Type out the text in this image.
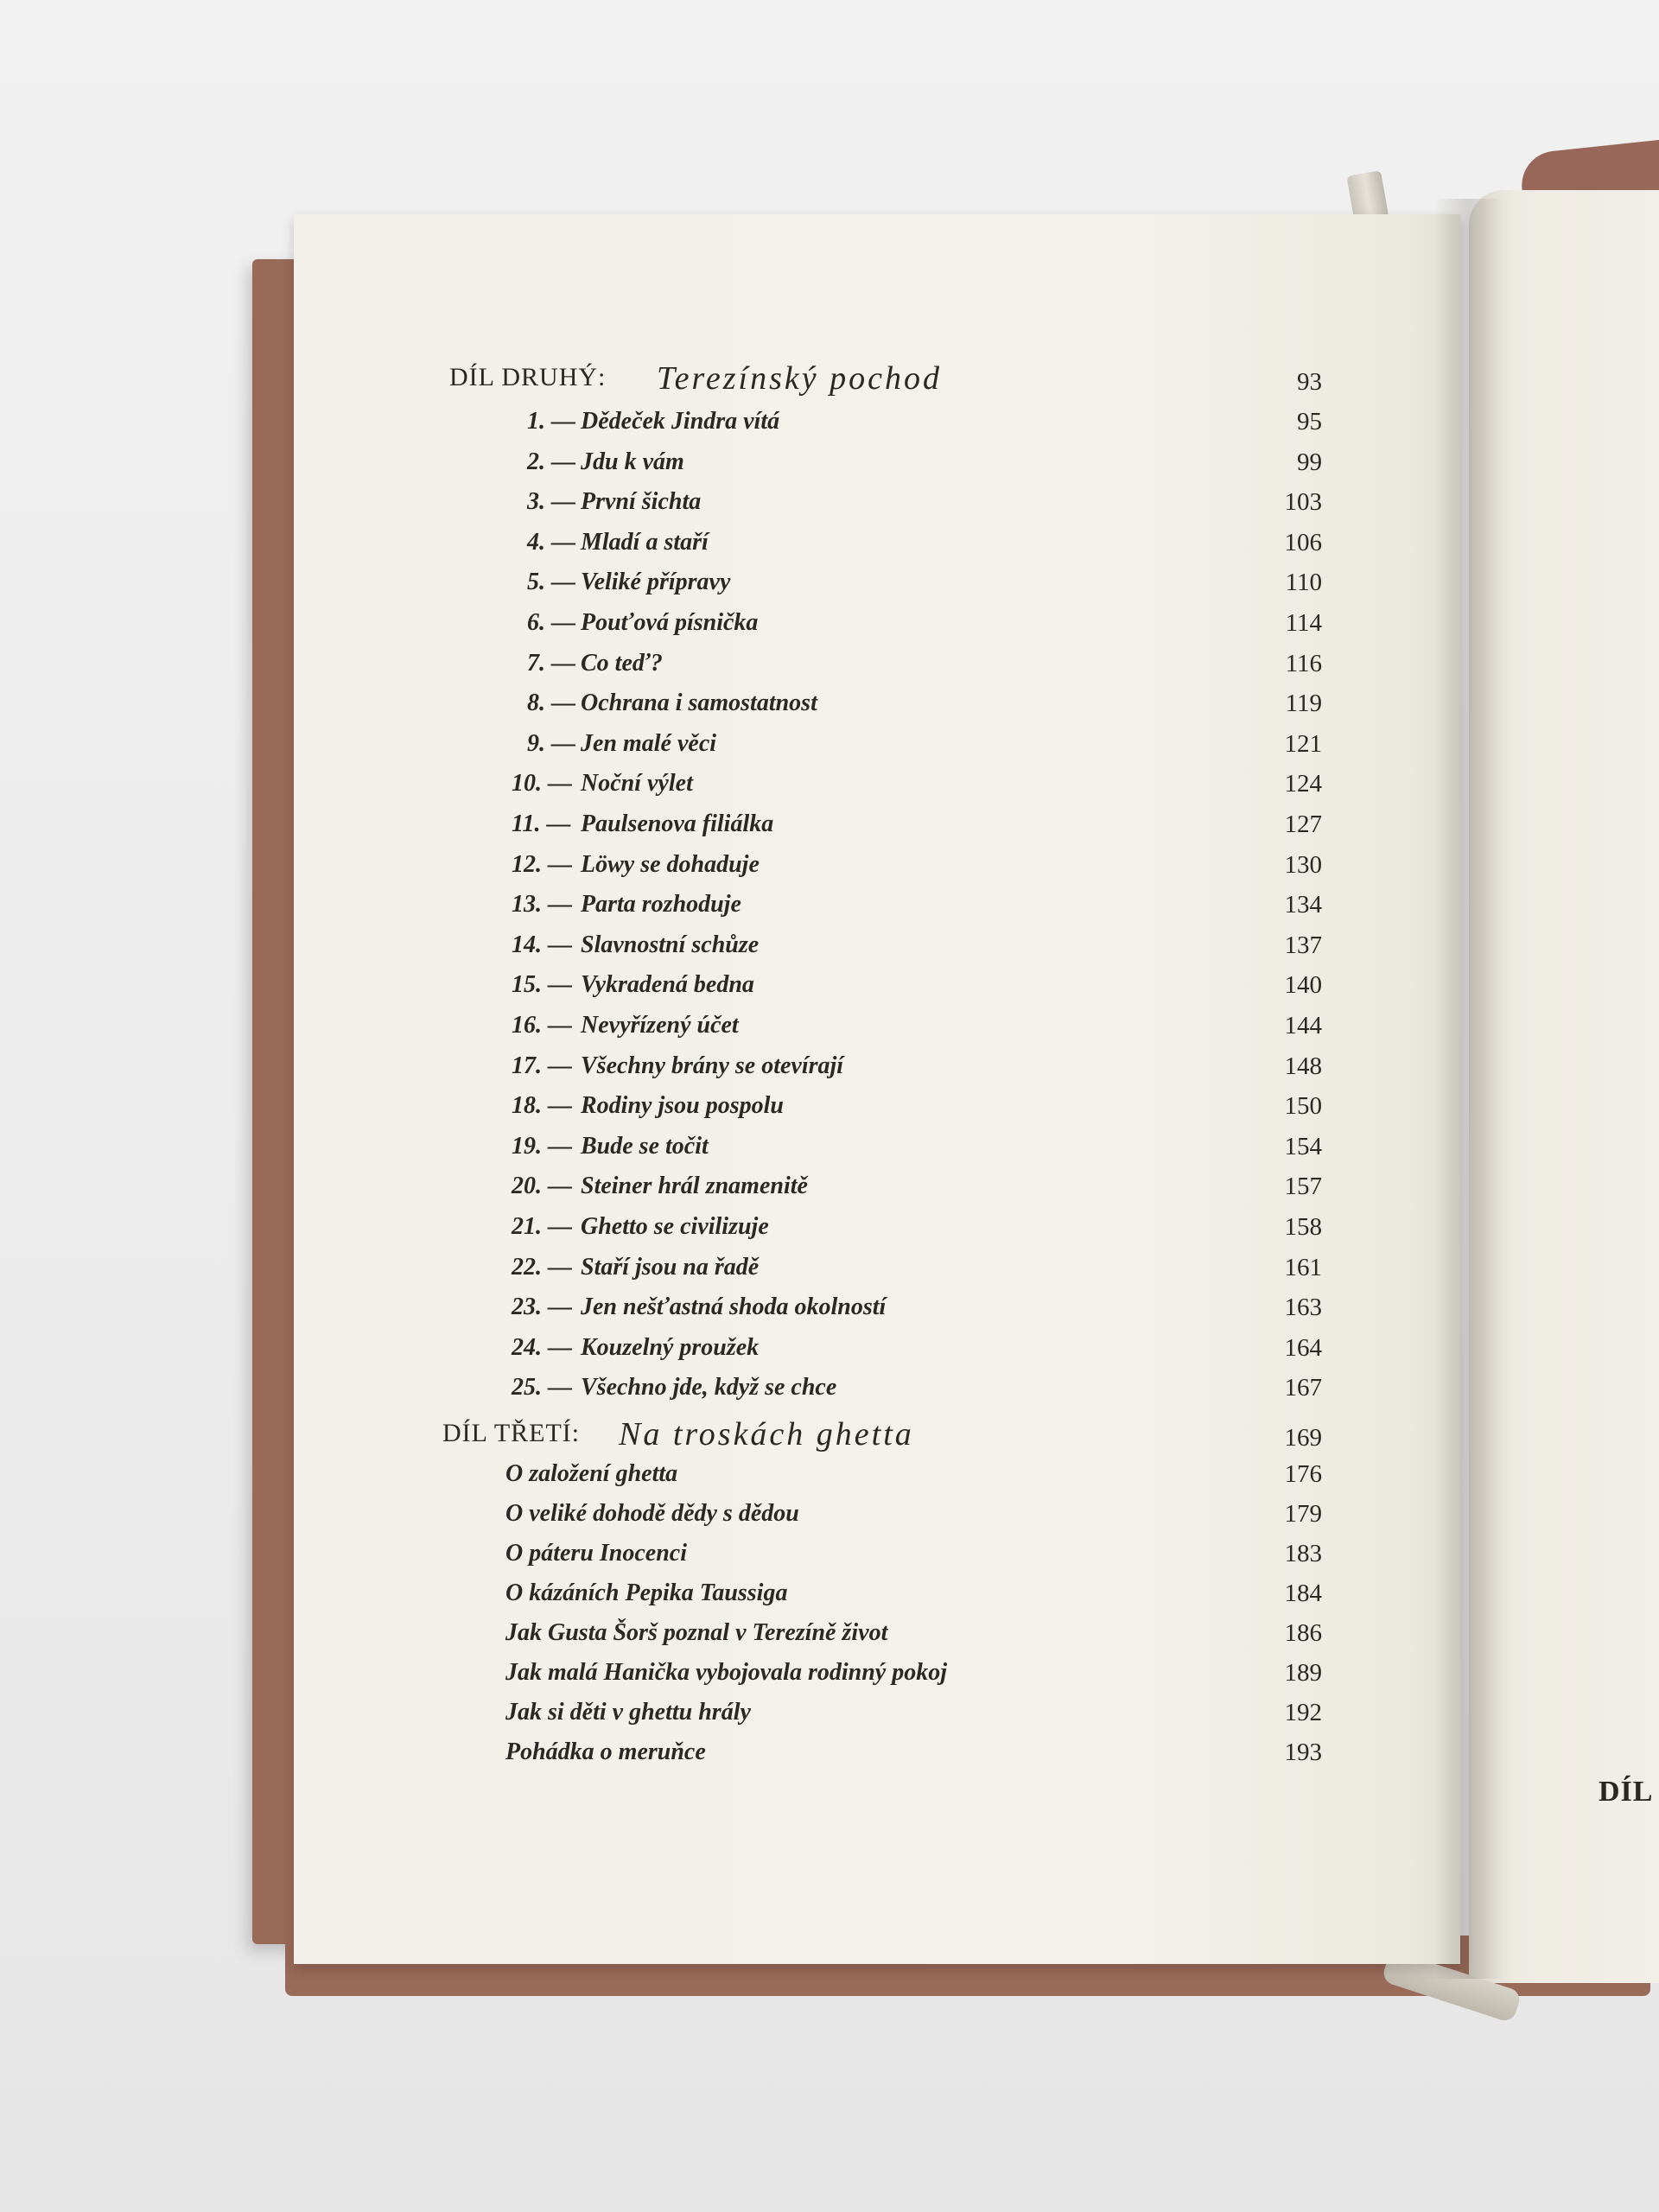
DÍL
DÍL DRUHÝ: Terezínský pochod	93
1. — Dědeček Jindra vítá	95
2. — Jdu k vám	99
3. — První šichta	103
4. — Mladí a staří	106
5. — Veliké přípravy	110
6. — Pouťová písnička	114
7. — Co teď?	116
8. — Ochrana i samostatnost	119
9. — Jen malé věci	121
10. — Noční výlet	124
11. — Paulsenova filiálka	127
12. — Löwy se dohaduje	130
13. — Parta rozhoduje	134
14. — Slavnostní schůze	137
15. — Vykradená bedna	140
16. — Nevyřízený účet	144
17. — Všechny brány se otevírají	148
18. — Rodiny jsou pospolu	150
19. — Bude se točit	154
20. — Steiner hrál znamenitě	157
21. — Ghetto se civilizuje	158
22. — Staří jsou na řadě	161
23. — Jen nešťastná shoda okolností	163
24. — Kouzelný proužek	164
25. — Všechno jde, když se chce	167
DÍL TŘETÍ: Na troskách ghetta	169
O založení ghetta	176
O veliké dohodě dědy s dědou	179
O páteru Inocenci	183
O kázáních Pepika Taussiga	184
Jak Gusta Šorš poznal v Terezíně život	186
Jak malá Hanička vybojovala rodinný pokoj	189
Jak si děti v ghettu hrály	192
Pohádka o meruňce	193
